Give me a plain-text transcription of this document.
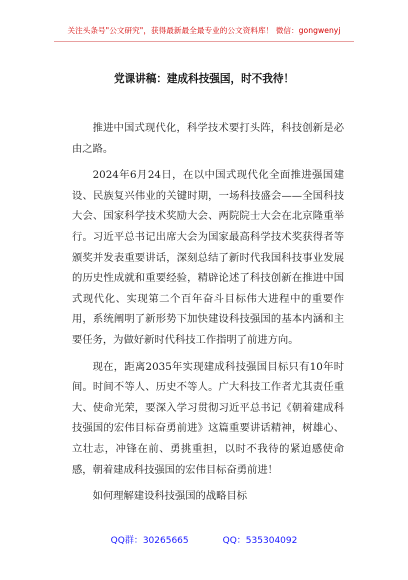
关注头条号"公文研究"，获得最新最全最专业的公文资料库！ 微信：gongwenyj
党课讲稿：建成科技强国，时不我待！

推进中国式现代化，科学技术要打头阵，科技创新是必由之路。

2024年6月24日，在以中国式现代化全面推进强国建设、民族复兴伟业的关键时期，一场科技盛会——全国科技大会、国家科学技术奖励大会、两院院士大会在北京隆重举行。习近平总书记出席大会为国家最高科学技术奖获得者等颁奖并发表重要讲话，深刻总结了新时代我国科技事业发展的历史性成就和重要经验，精辟论述了科技创新在推进中国式现代化、实现第二个百年奋斗目标伟大进程中的重要作用，系统阐明了新形势下加快建设科技强国的基本内涵和主要任务，为做好新时代科技工作指明了前进方向。

现在，距离2035年实现建成科技强国目标只有10年时间。时间不等人、历史不等人。广大科技工作者尤其责任重大、使命光荣，要深入学习贯彻习近平总书记《朝着建成科技强国的宏伟目标奋勇前进》这篇重要讲话精神，树雄心、立壮志，冲锋在前、勇挑重担，以时不我待的紧迫感使命感，朝着建成科技强国的宏伟目标奋勇前进！

如何理解建设科技强国的战略目标

QQ群：30265665	QQ：535304092
